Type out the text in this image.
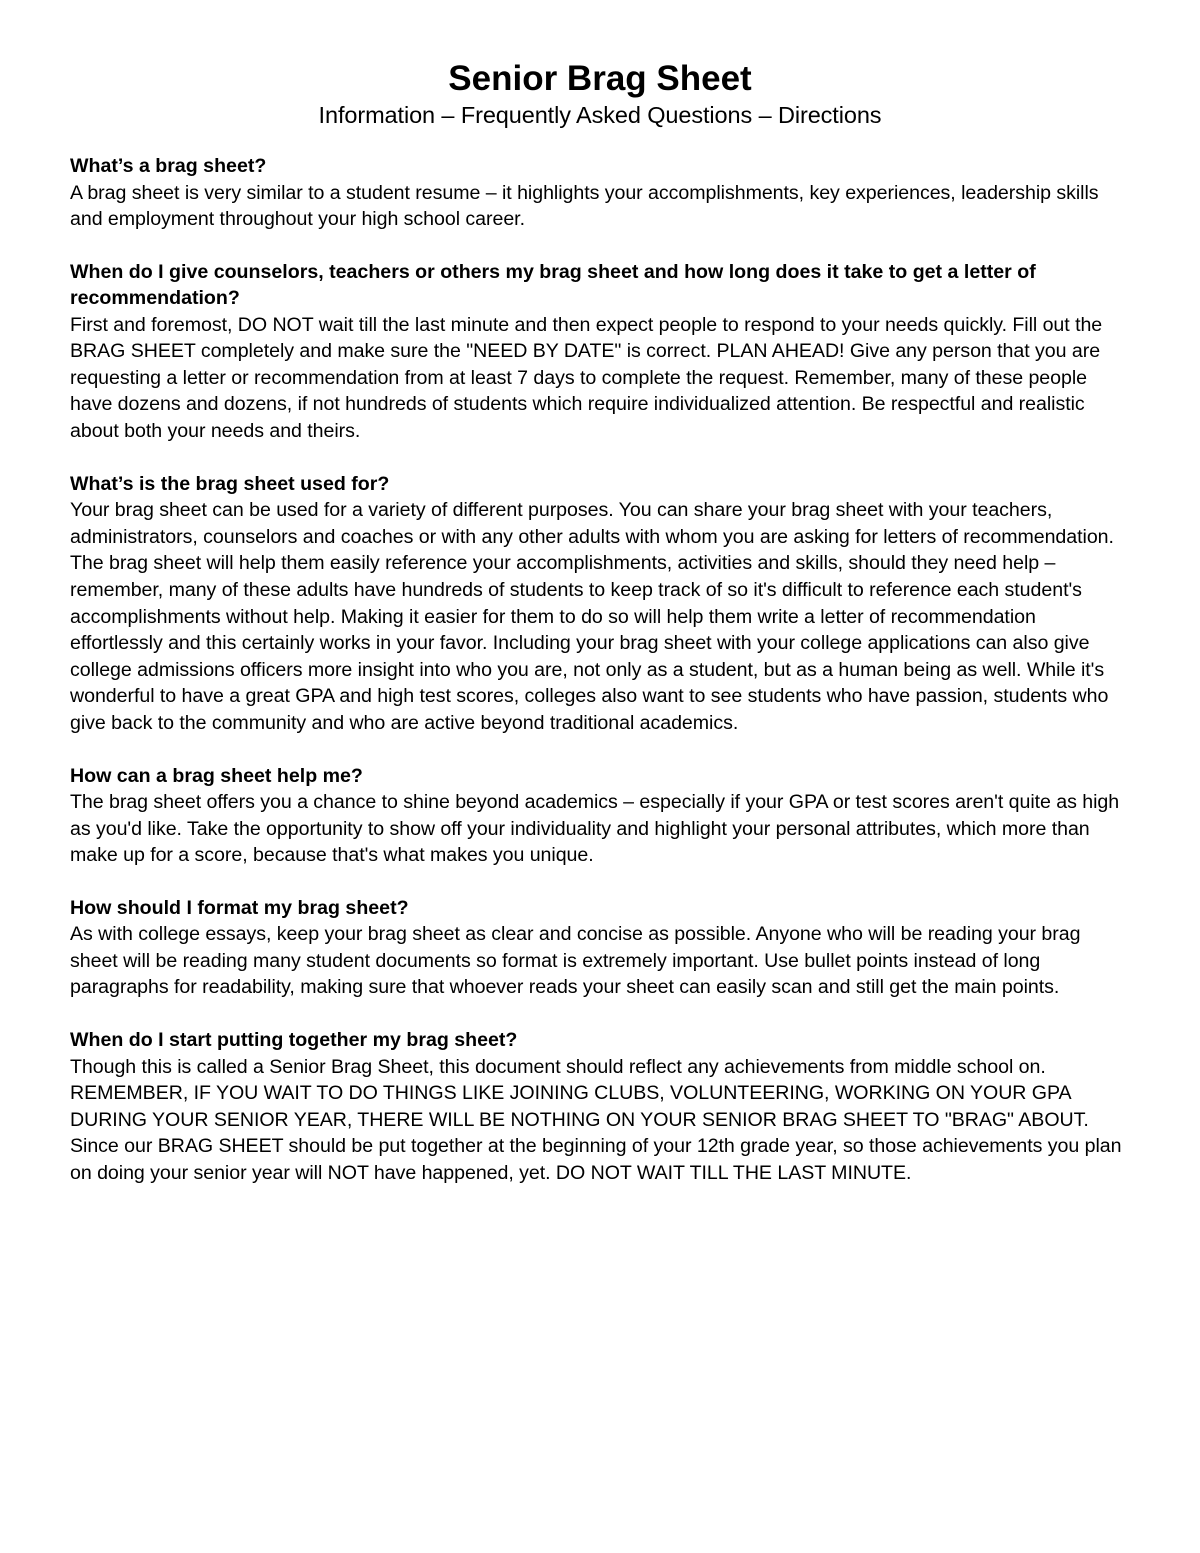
Senior Brag Sheet
Information – Frequently Asked Questions – Directions
What’s a brag sheet?

A brag sheet is very similar to a student resume – it highlights your accomplishments, key experiences, leadership skills and employment throughout your high school career.

When do I give counselors, teachers or others my brag sheet and how long does it take to get a letter of recommendation?

First and foremost, DO NOT wait till the last minute and then expect people to respond to your needs quickly. Fill out the BRAG SHEET completely and make sure the "NEED BY DATE" is correct. PLAN AHEAD! Give any person that you are requesting a letter or recommendation from at least 7 days to complete the request. Remember, many of these people have dozens and dozens, if not hundreds of students which require individualized attention. Be respectful and realistic about both your needs and theirs.

What’s is the brag sheet used for?

Your brag sheet can be used for a variety of different purposes. You can share your brag sheet with your teachers, administrators, counselors and coaches or with any other adults with whom you are asking for letters of recommendation. The brag sheet will help them easily reference your accomplishments, activities and skills, should they need help – remember, many of these adults have hundreds of students to keep track of so it's difficult to reference each student's accomplishments without help. Making it easier for them to do so will help them write a letter of recommendation effortlessly and this certainly works in your favor. Including your brag sheet with your college applications can also give college admissions officers more insight into who you are, not only as a student, but as a human being as well. While it's wonderful to have a great GPA and high test scores, colleges also want to see students who have passion, students who give back to the community and who are active beyond traditional academics.

How can a brag sheet help me?

The brag sheet offers you a chance to shine beyond academics – especially if your GPA or test scores aren't quite as high as you'd like. Take the opportunity to show off your individuality and highlight your personal attributes, which more than make up for a score, because that's what makes you unique.

How should I format my brag sheet?

As with college essays, keep your brag sheet as clear and concise as possible. Anyone who will be reading your brag sheet will be reading many student documents so format is extremely important. Use bullet points instead of long paragraphs for readability, making sure that whoever reads your sheet can easily scan and still get the main points.

When do I start putting together my brag sheet?

Though this is called a Senior Brag Sheet, this document should reflect any achievements from middle school on. REMEMBER, IF YOU WAIT TO DO THINGS LIKE JOINING CLUBS, VOLUNTEERING, WORKING ON YOUR GPA DURING YOUR SENIOR YEAR, THERE WILL BE NOTHING ON YOUR SENIOR BRAG SHEET TO "BRAG" ABOUT. Since our BRAG SHEET should be put together at the beginning of your 12th grade year, so those achievements you plan on doing your senior year will NOT have happened, yet. DO NOT WAIT TILL THE LAST MINUTE.
